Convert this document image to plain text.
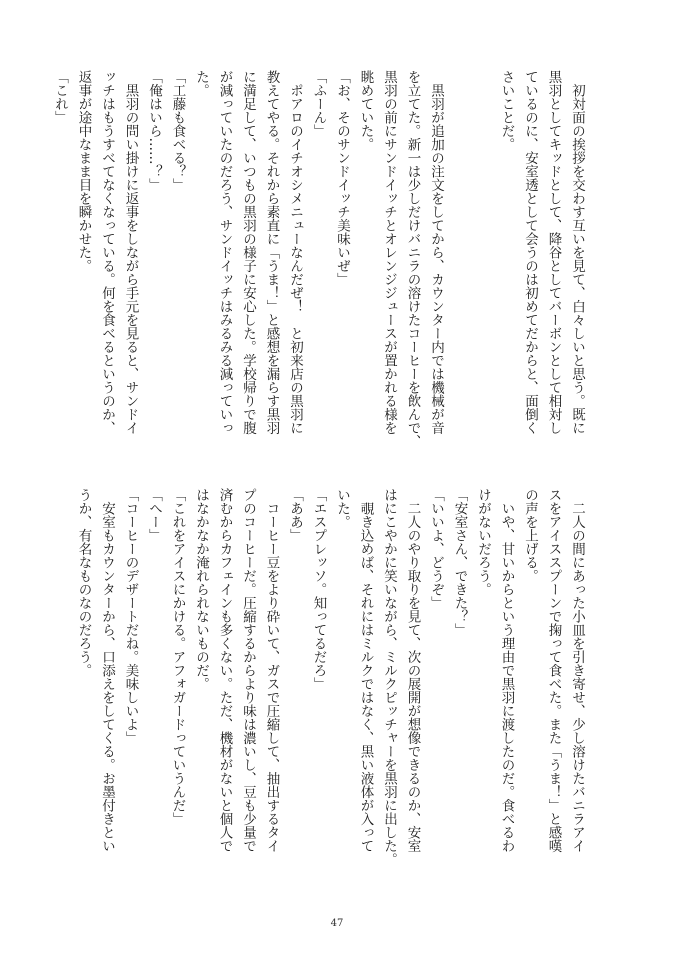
　初対面の挨拶を交わす互いを見て、白々しいと思う。既に
黒羽としてキッドとして、降谷としてバーボンとして相対し
ているのに、安室透として会うのは初めてだからと、面倒く
さいことだ。

　黒羽が追加の注文をしてから、カウンター内では機械が音
を立てた。新一は少しだけバニラの溶けたコーヒーを飲んで、
黒羽の前にサンドイッチとオレンジジュースが置かれる様を
眺めていた。
「お、そのサンドイッチ美味いぜ」
「ふーん」
　ポアロのイチオシメニューなんだぜ！　と初来店の黒羽に
教えてやる。それから素直に「うま！」と感想を漏らす黒羽
に満足して、いつもの黒羽の様子に安心した。学校帰りで腹
が減っていたのだろう、サンドイッチはみるみる減っていっ
た。
「工藤も食べる？」
「俺はいら……？」
　黒羽の問い掛けに返事をしながら手元を見ると、サンドイ
ッチはもうすべてなくなっている。何を食べるというのか、
返事が途中なまま目を瞬かせた。
「これ」
　二人の間にあった小皿を引き寄せ、少し溶けたバニラアイ
スをアイススプーンで掬って食べた。また「うま！」と感嘆
の声を上げる。
　いや、甘いからという理由で黒羽に渡したのだ。食べるわ
けがないだろう。
「安室さん、できた？」
「いいよ、どうぞ」
　二人のやり取りを見て、次の展開が想像できるのか、安室
はにこやかに笑いながら、ミルクピッチャーを黒羽に出した。
　覗き込めば、それにはミルクではなく、黒い液体が入って
いた。
「エスプレッソ。知ってるだろ」
「ああ」
　コーヒー豆をより砕いて、ガスで圧縮して、抽出するタイ
プのコーヒーだ。圧縮するからより味は濃いし、豆も少量で
済むからカフェインも多くない。ただ、機材がないと個人で
はなかなか淹れられないものだ。
「これをアイスにかける。アフォガードっていうんだ」
「へー」
「コーヒーのデザートだね。美味しいよ」
　安室もカウンターから、口添えをしてくる。お墨付きとい
うか、有名なものなのだろう。
47
